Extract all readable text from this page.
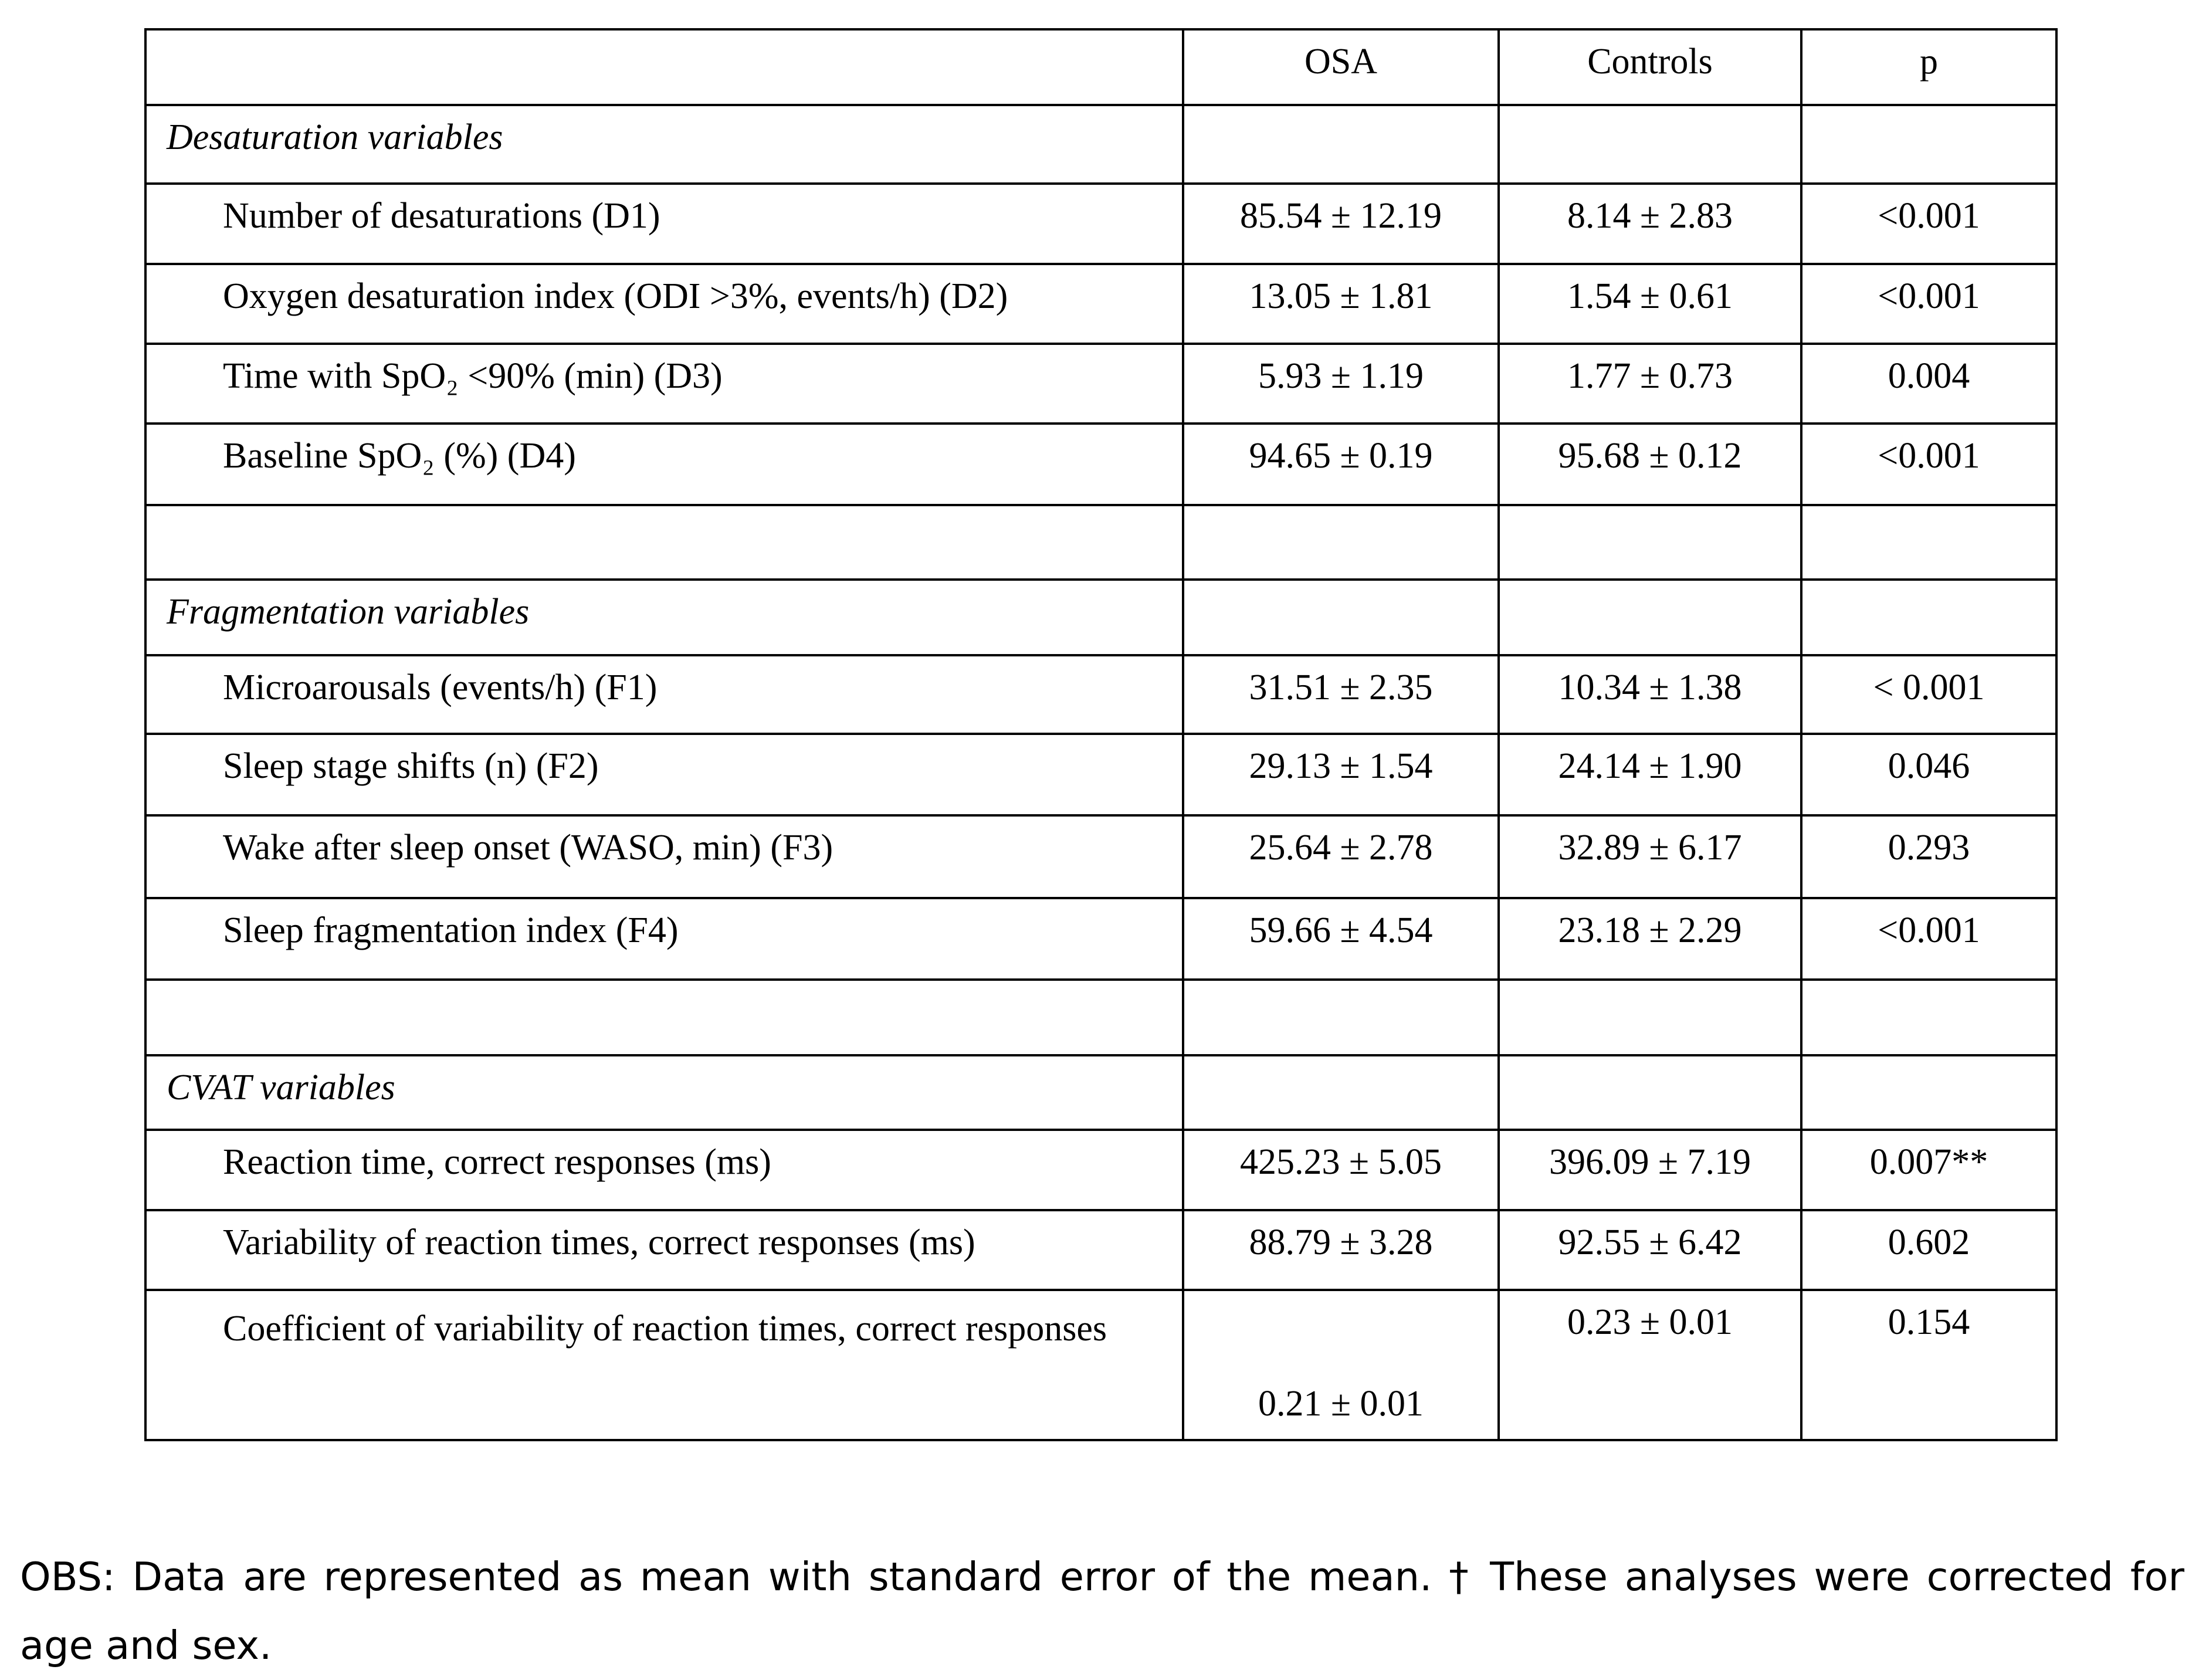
	OSA	Controls	p
Desaturation variables			
Number of desaturations (D1)	85.54 ± 12.19	8.14 ± 2.83	<0.001
Oxygen desaturation index (ODI >3%, events/h) (D2)	13.05 ± 1.81	1.54 ± 0.61	<0.001
Time with SpO₂ <90% (min) (D3)	5.93 ± 1.19	1.77 ± 0.73	0.004
Baseline SpO₂ (%) (D4)	94.65 ± 0.19	95.68 ± 0.12	<0.001

Fragmentation variables			
Microarousals (events/h) (F1)	31.51 ± 2.35	10.34 ± 1.38	< 0.001
Sleep stage shifts (n) (F2)	29.13 ± 1.54	24.14 ± 1.90	0.046
Wake after sleep onset (WASO, min) (F3)	25.64 ± 2.78	32.89 ± 6.17	0.293
Sleep fragmentation index (F4)	59.66 ± 4.54	23.18 ± 2.29	<0.001

CVAT variables			
Reaction time, correct responses (ms)	425.23 ± 5.05	396.09 ± 7.19	0.007**
Variability of reaction times, correct responses (ms)	88.79 ± 3.28	92.55 ± 6.42	0.602
Coefficient of variability of reaction times, correct responses	0.21 ± 0.01	0.23 ± 0.01	0.154
OBS: Data are represented as mean with standard error of the mean. † These analyses were corrected for age and sex.
